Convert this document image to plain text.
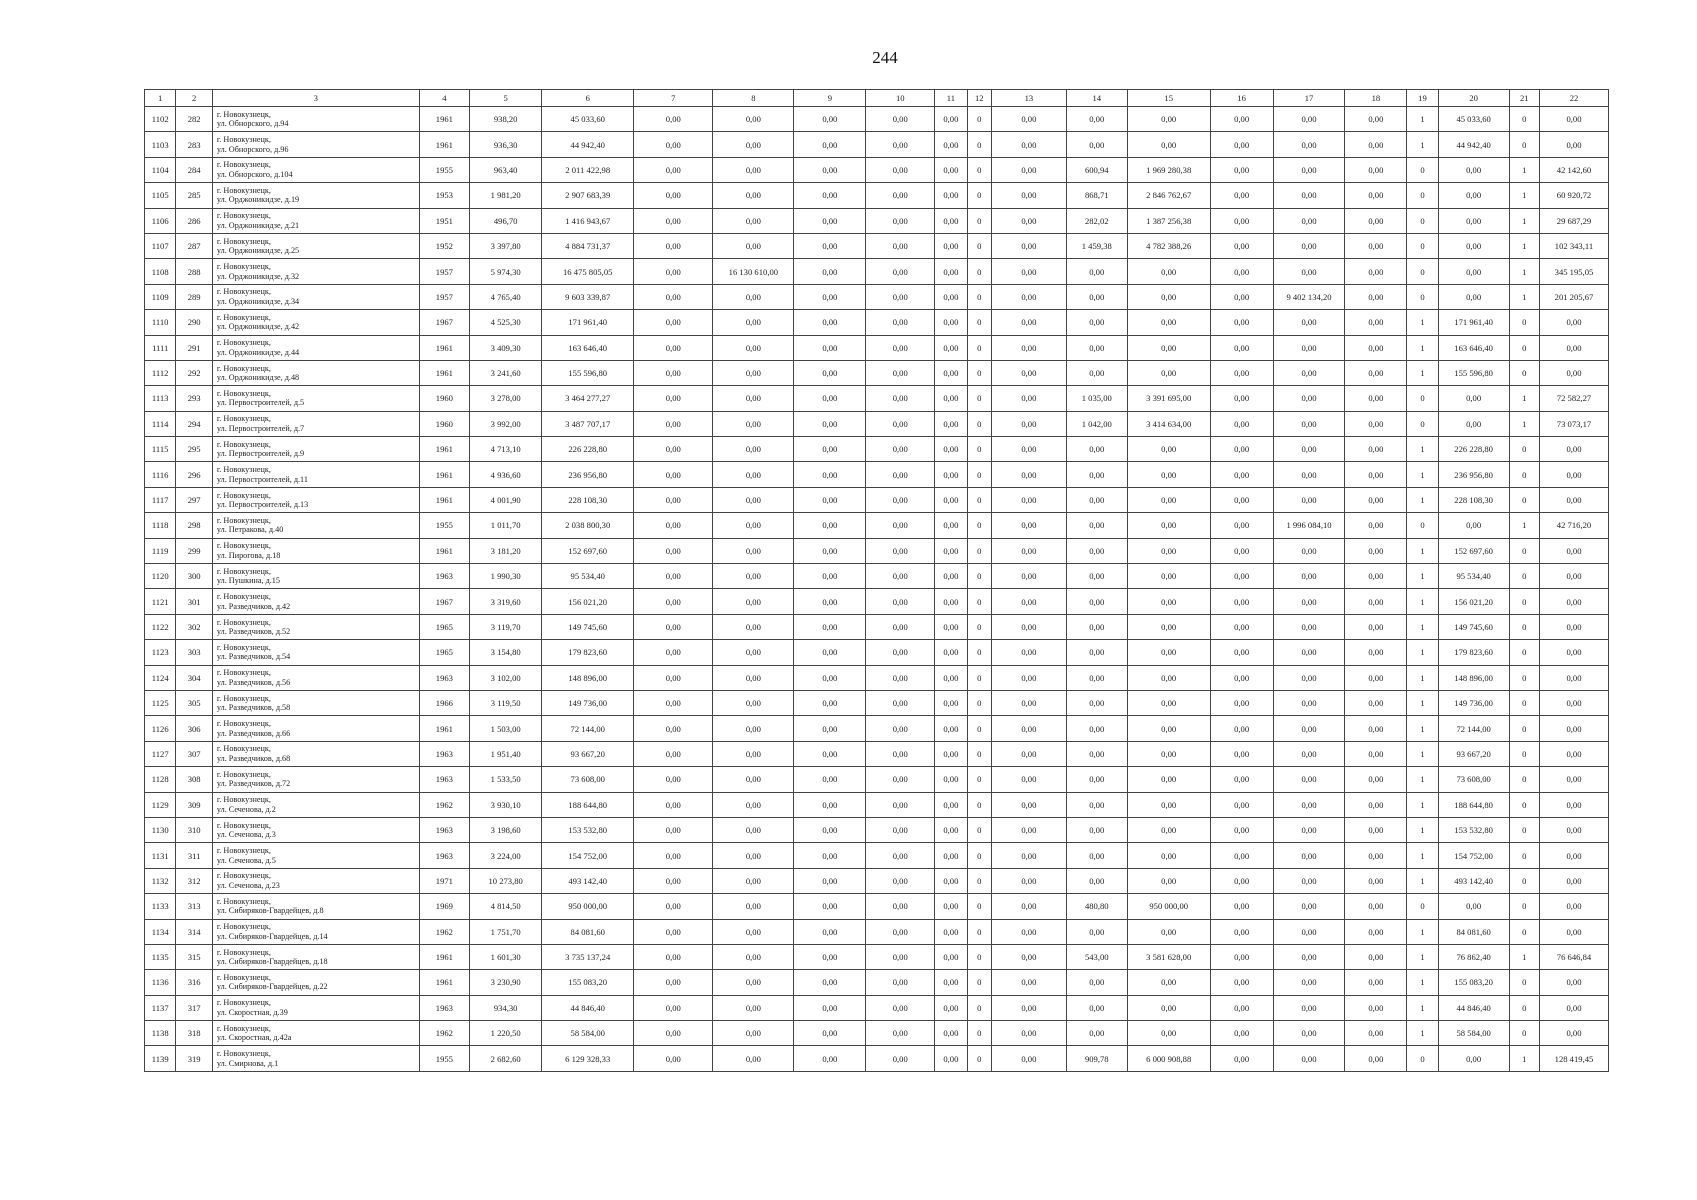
244
1	2	3	4	5	6	7	8	9	10	11	12	13	14	15	16	17	18	19	20	21	22
1102	282	г. Новокузнецк,
ул. Обнорского, д.94	1961	938,20	45 033,60	0,00	0,00	0,00	0,00	0,00	0	0,00	0,00	0,00	0,00	0,00	0,00	1	45 033,60	0	0,00
1103	283	г. Новокузнецк,
ул. Обнорского, д.96	1961	936,30	44 942,40	0,00	0,00	0,00	0,00	0,00	0	0,00	0,00	0,00	0,00	0,00	0,00	1	44 942,40	0	0,00
1104	284	г. Новокузнецк,
ул. Обнорского, д.104	1955	963,40	2 011 422,98	0,00	0,00	0,00	0,00	0,00	0	0,00	600,94	1 969 280,38	0,00	0,00	0,00	0	0,00	1	42 142,60
1105	285	г. Новокузнецк,
ул. Орджоникидзе, д.19	1953	1 981,20	2 907 683,39	0,00	0,00	0,00	0,00	0,00	0	0,00	868,71	2 846 762,67	0,00	0,00	0,00	0	0,00	1	60 920,72
1106	286	г. Новокузнецк,
ул. Орджоникидзе, д.21	1951	496,70	1 416 943,67	0,00	0,00	0,00	0,00	0,00	0	0,00	282,02	1 387 256,38	0,00	0,00	0,00	0	0,00	1	29 687,29
1107	287	г. Новокузнецк,
ул. Орджоникидзе, д.25	1952	3 397,80	4 884 731,37	0,00	0,00	0,00	0,00	0,00	0	0,00	1 459,38	4 782 388,26	0,00	0,00	0,00	0	0,00	1	102 343,11
1108	288	г. Новокузнецк,
ул. Орджоникидзе, д.32	1957	5 974,30	16 475 805,05	0,00	16 130 610,00	0,00	0,00	0,00	0	0,00	0,00	0,00	0,00	0,00	0,00	0	0,00	1	345 195,05
1109	289	г. Новокузнецк,
ул. Орджоникидзе, д.34	1957	4 765,40	9 603 339,87	0,00	0,00	0,00	0,00	0,00	0	0,00	0,00	0,00	0,00	9 402 134,20	0,00	0	0,00	1	201 205,67
1110	290	г. Новокузнецк,
ул. Орджоникидзе, д.42	1967	4 525,30	171 961,40	0,00	0,00	0,00	0,00	0,00	0	0,00	0,00	0,00	0,00	0,00	0,00	1	171 961,40	0	0,00
1111	291	г. Новокузнецк,
ул. Орджоникидзе, д.44	1961	3 409,30	163 646,40	0,00	0,00	0,00	0,00	0,00	0	0,00	0,00	0,00	0,00	0,00	0,00	1	163 646,40	0	0,00
1112	292	г. Новокузнецк,
ул. Орджоникидзе, д.48	1961	3 241,60	155 596,80	0,00	0,00	0,00	0,00	0,00	0	0,00	0,00	0,00	0,00	0,00	0,00	1	155 596,80	0	0,00
1113	293	г. Новокузнецк,
ул. Первостроителей, д.5	1960	3 278,00	3 464 277,27	0,00	0,00	0,00	0,00	0,00	0	0,00	1 035,00	3 391 695,00	0,00	0,00	0,00	0	0,00	1	72 582,27
1114	294	г. Новокузнецк,
ул. Первостроителей, д.7	1960	3 992,00	3 487 707,17	0,00	0,00	0,00	0,00	0,00	0	0,00	1 042,00	3 414 634,00	0,00	0,00	0,00	0	0,00	1	73 073,17
1115	295	г. Новокузнецк,
ул. Первостроителей, д.9	1961	4 713,10	226 228,80	0,00	0,00	0,00	0,00	0,00	0	0,00	0,00	0,00	0,00	0,00	0,00	1	226 228,80	0	0,00
1116	296	г. Новокузнецк,
ул. Первостроителей, д.11	1961	4 936,60	236 956,80	0,00	0,00	0,00	0,00	0,00	0	0,00	0,00	0,00	0,00	0,00	0,00	1	236 956,80	0	0,00
1117	297	г. Новокузнецк,
ул. Первостроителей, д.13	1961	4 001,90	228 108,30	0,00	0,00	0,00	0,00	0,00	0	0,00	0,00	0,00	0,00	0,00	0,00	1	228 108,30	0	0,00
1118	298	г. Новокузнецк,
ул. Петракова, д.40	1955	1 011,70	2 038 800,30	0,00	0,00	0,00	0,00	0,00	0	0,00	0,00	0,00	0,00	1 996 084,10	0,00	0	0,00	1	42 716,20
1119	299	г. Новокузнецк,
ул. Пирогова, д.18	1961	3 181,20	152 697,60	0,00	0,00	0,00	0,00	0,00	0	0,00	0,00	0,00	0,00	0,00	0,00	1	152 697,60	0	0,00
1120	300	г. Новокузнецк,
ул. Пушкина, д.15	1963	1 990,30	95 534,40	0,00	0,00	0,00	0,00	0,00	0	0,00	0,00	0,00	0,00	0,00	0,00	1	95 534,40	0	0,00
1121	301	г. Новокузнецк,
ул. Разведчиков, д.42	1967	3 319,60	156 021,20	0,00	0,00	0,00	0,00	0,00	0	0,00	0,00	0,00	0,00	0,00	0,00	1	156 021,20	0	0,00
1122	302	г. Новокузнецк,
ул. Разведчиков, д.52	1965	3 119,70	149 745,60	0,00	0,00	0,00	0,00	0,00	0	0,00	0,00	0,00	0,00	0,00	0,00	1	149 745,60	0	0,00
1123	303	г. Новокузнецк,
ул. Разведчиков, д.54	1965	3 154,80	179 823,60	0,00	0,00	0,00	0,00	0,00	0	0,00	0,00	0,00	0,00	0,00	0,00	1	179 823,60	0	0,00
1124	304	г. Новокузнецк,
ул. Разведчиков, д.56	1963	3 102,00	148 896,00	0,00	0,00	0,00	0,00	0,00	0	0,00	0,00	0,00	0,00	0,00	0,00	1	148 896,00	0	0,00
1125	305	г. Новокузнецк,
ул. Разведчиков, д.58	1966	3 119,50	149 736,00	0,00	0,00	0,00	0,00	0,00	0	0,00	0,00	0,00	0,00	0,00	0,00	1	149 736,00	0	0,00
1126	306	г. Новокузнецк,
ул. Разведчиков, д.66	1961	1 503,00	72 144,00	0,00	0,00	0,00	0,00	0,00	0	0,00	0,00	0,00	0,00	0,00	0,00	1	72 144,00	0	0,00
1127	307	г. Новокузнецк,
ул. Разведчиков, д.68	1963	1 951,40	93 667,20	0,00	0,00	0,00	0,00	0,00	0	0,00	0,00	0,00	0,00	0,00	0,00	1	93 667,20	0	0,00
1128	308	г. Новокузнецк,
ул. Разведчиков, д.72	1963	1 533,50	73 608,00	0,00	0,00	0,00	0,00	0,00	0	0,00	0,00	0,00	0,00	0,00	0,00	1	73 608,00	0	0,00
1129	309	г. Новокузнецк,
ул. Сеченова, д.2	1962	3 930,10	188 644,80	0,00	0,00	0,00	0,00	0,00	0	0,00	0,00	0,00	0,00	0,00	0,00	1	188 644,80	0	0,00
1130	310	г. Новокузнецк,
ул. Сеченова, д.3	1963	3 198,60	153 532,80	0,00	0,00	0,00	0,00	0,00	0	0,00	0,00	0,00	0,00	0,00	0,00	1	153 532,80	0	0,00
1131	311	г. Новокузнецк,
ул. Сеченова, д.5	1963	3 224,00	154 752,00	0,00	0,00	0,00	0,00	0,00	0	0,00	0,00	0,00	0,00	0,00	0,00	1	154 752,00	0	0,00
1132	312	г. Новокузнецк,
ул. Сеченова, д.23	1971	10 273,80	493 142,40	0,00	0,00	0,00	0,00	0,00	0	0,00	0,00	0,00	0,00	0,00	0,00	1	493 142,40	0	0,00
1133	313	г. Новокузнецк,
ул. Сибиряков-Гвардейцев, д.8	1969	4 814,50	950 000,00	0,00	0,00	0,00	0,00	0,00	0	0,00	480,80	950 000,00	0,00	0,00	0,00	0	0,00	0	0,00
1134	314	г. Новокузнецк,
ул. Сибиряков-Гвардейцев, д.14	1962	1 751,70	84 081,60	0,00	0,00	0,00	0,00	0,00	0	0,00	0,00	0,00	0,00	0,00	0,00	1	84 081,60	0	0,00
1135	315	г. Новокузнецк,
ул. Сибиряков-Гвардейцев, д.18	1961	1 601,30	3 735 137,24	0,00	0,00	0,00	0,00	0,00	0	0,00	543,00	3 581 628,00	0,00	0,00	0,00	1	76 862,40	1	76 646,84
1136	316	г. Новокузнецк,
ул. Сибиряков-Гвардейцев, д.22	1961	3 230,90	155 083,20	0,00	0,00	0,00	0,00	0,00	0	0,00	0,00	0,00	0,00	0,00	0,00	1	155 083,20	0	0,00
1137	317	г. Новокузнецк,
ул. Скоростная, д.39	1963	934,30	44 846,40	0,00	0,00	0,00	0,00	0,00	0	0,00	0,00	0,00	0,00	0,00	0,00	1	44 846,40	0	0,00
1138	318	г. Новокузнецк,
ул. Скоростная, д.42а	1962	1 220,50	58 584,00	0,00	0,00	0,00	0,00	0,00	0	0,00	0,00	0,00	0,00	0,00	0,00	1	58 584,00	0	0,00
1139	319	г. Новокузнецк,
ул. Смирнова, д.1	1955	2 682,60	6 129 328,33	0,00	0,00	0,00	0,00	0,00	0	0,00	909,78	6 000 908,88	0,00	0,00	0,00	0	0,00	1	128 419,45
